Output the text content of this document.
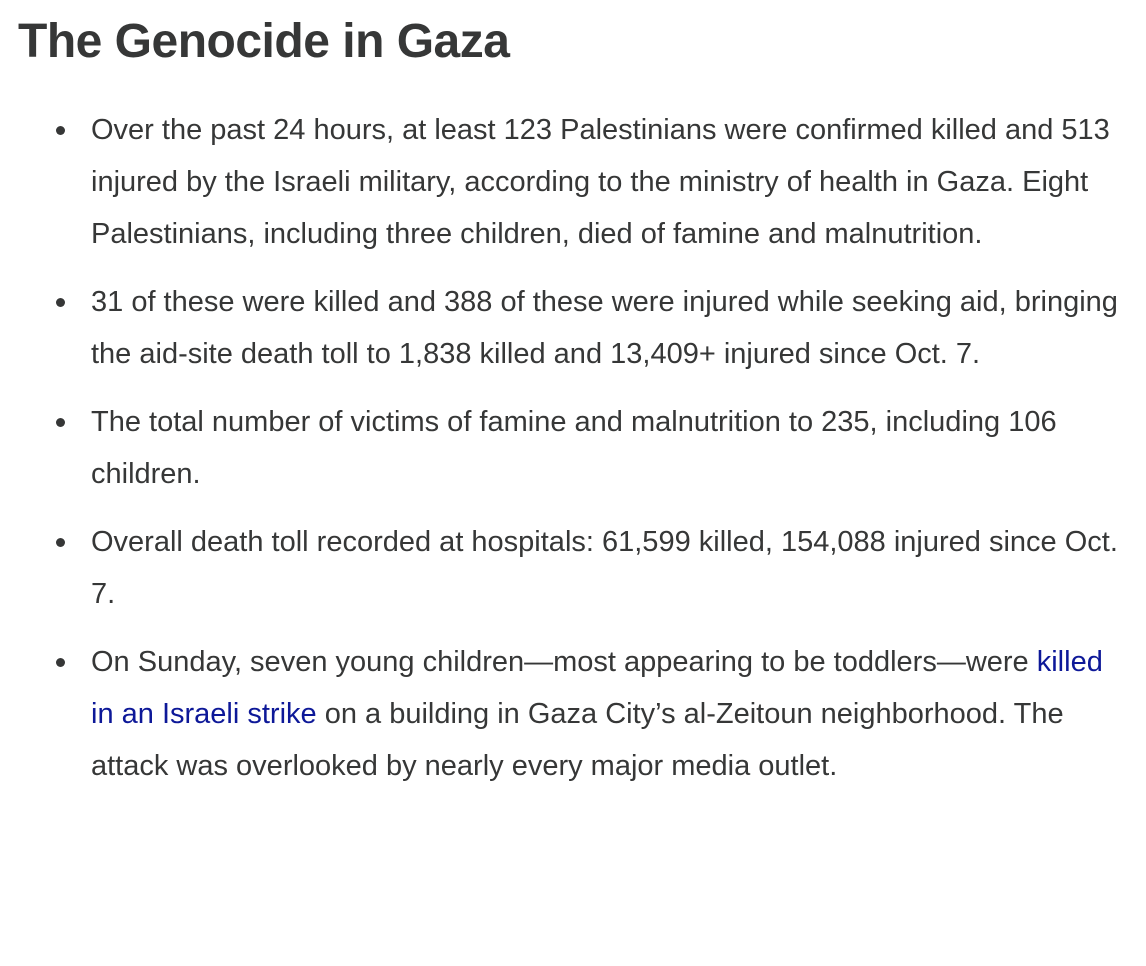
The Genocide in Gaza
Over the past 24 hours, at least 123 Palestinians were confirmed killed and 513 injured by the Israeli military, according to the ministry of health in Gaza. Eight Palestinians, including three children, died of famine and malnutrition.
31 of these were killed and 388 of these were injured while seeking aid, bringing the aid-site death toll to 1,838 killed and 13,409+ injured since Oct. 7.
The total number of victims of famine and malnutrition to 235, including 106 children.
Overall death toll recorded at hospitals: 61,599 killed, 154,088 injured since Oct. 7.
On Sunday, seven young children—most appearing to be toddlers—were killed in an Israeli strike on a building in Gaza City’s al-Zeitoun neighborhood. The attack was overlooked by nearly every major media outlet.
